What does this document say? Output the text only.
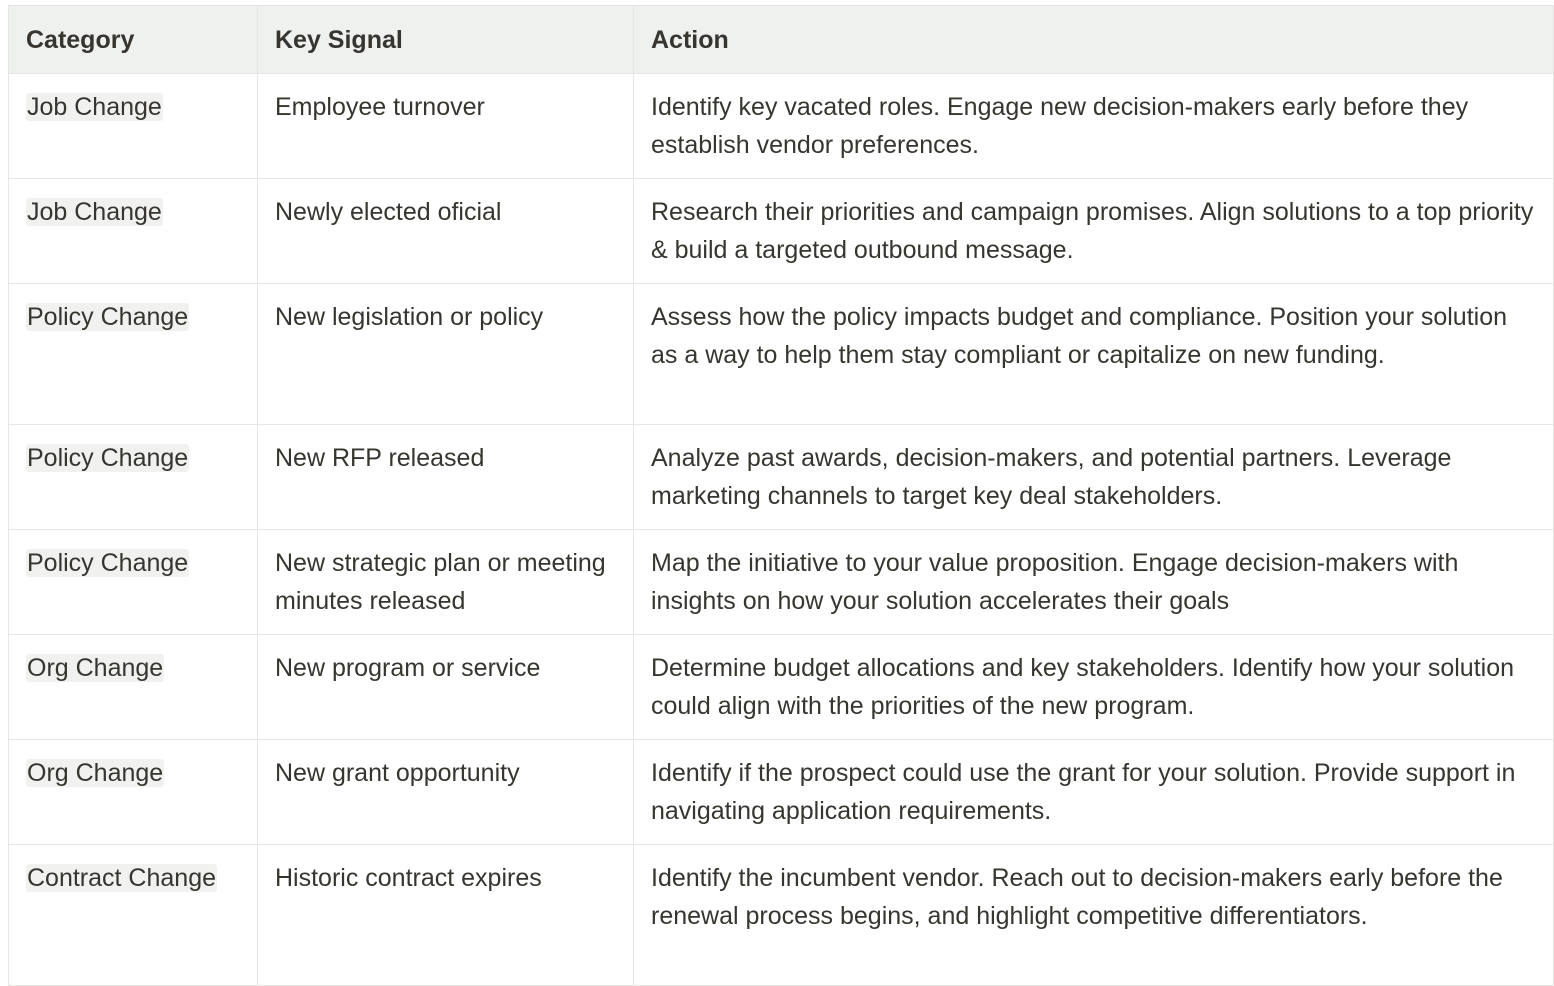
Category	Key Signal	Action
Job Change	Employee turnover	Identify key vacated roles. Engage new decision-makers early before they establish vendor preferences.
Job Change	Newly elected oficial	Research their priorities and campaign promises. Align solutions to a top priority & build a targeted outbound message.
Policy Change	New legislation or policy	Assess how the policy impacts budget and compliance. Position your solution as a way to help them stay compliant or capitalize on new funding.
Policy Change	New RFP released	Analyze past awards, decision-makers, and potential partners. Leverage marketing channels to target key deal stakeholders.
Policy Change	New strategic plan or meeting minutes released	Map the initiative to your value proposition. Engage decision-makers with insights on how your solution accelerates their goals
Org Change	New program or service	Determine budget allocations and key stakeholders. Identify how your solution could align with the priorities of the new program.
Org Change	New grant opportunity	Identify if the prospect could use the grant for your solution. Provide support in navigating application requirements.
Contract Change	Historic contract expires	Identify the incumbent vendor. Reach out to decision-makers early before the renewal process begins, and highlight competitive differentiators.
